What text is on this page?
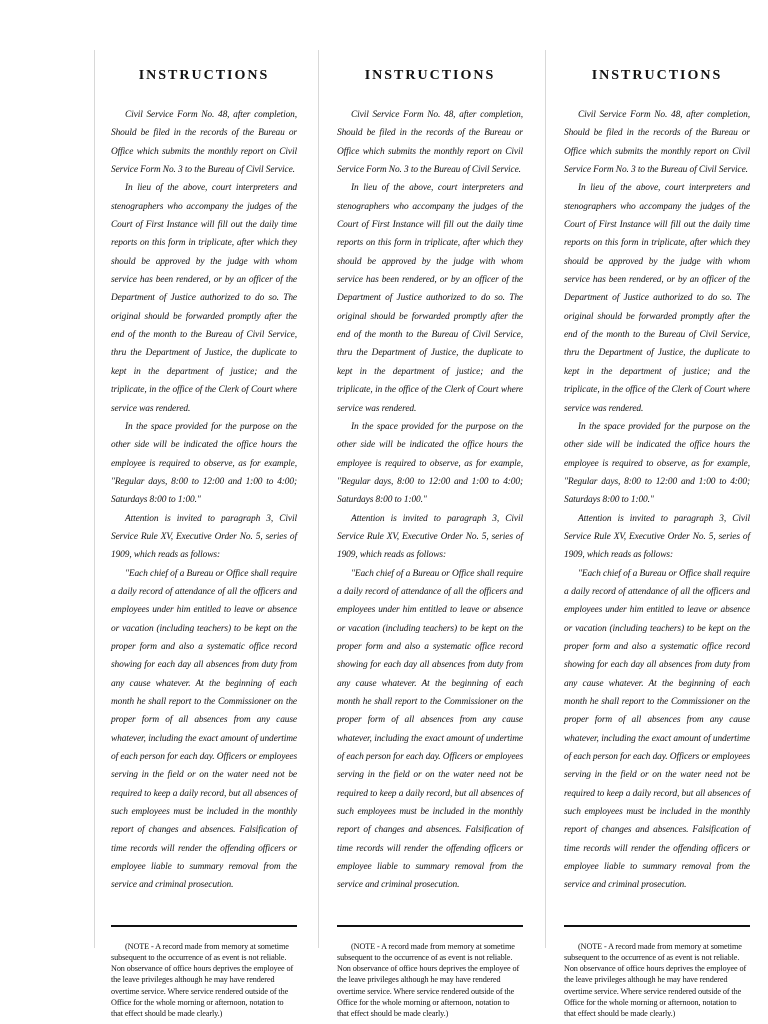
INSTRUCTIONS

Civil Service Form No. 48, after completion, Should be filed in the records of the Bureau or Office which submits the monthly report on Civil Service Form No. 3 to the Bureau of Civil Service.

In lieu of the above, court interpreters and stenographers who accompany the judges of the Court of First Instance will fill out the daily time reports on this form in triplicate, after which they should be approved by the judge with whom service has been rendered, or by an officer of the Department of Justice authorized to do so. The original should be forwarded promptly after the end of the month to the Bureau of Civil Service, thru the Department of Justice, the duplicate to kept in the department of justice; and the triplicate, in the office of the Clerk of Court where service was rendered.

In the space provided for the purpose on the other side will be indicated the office hours the employee is required to observe, as for example, "Regular days, 8:00 to 12:00 and 1:00 to 4:00; Saturdays 8:00 to 1:00."

Attention is invited to paragraph 3, Civil Service Rule XV, Executive Order No. 5, series of 1909, which reads as follows:

"Each chief of a Bureau or Office shall require a daily record of attendance of all the officers and employees under him entitled to leave or absence or vacation (including teachers) to be kept on the proper form and also a systematic office record showing for each day all absences from duty from any cause whatever. At the beginning of each month he shall report to the Commissioner on the proper form of all absences from any cause whatever, including the exact amount of undertime of each person for each day. Officers or employees serving in the field or on the water need not be required to keep a daily record, but all absences of such employees must be included in the monthly report of changes and absences. Falsification of time records will render the offending officers or employee liable to summary removal from the service and criminal prosecution.

(NOTE - A record made from memory at sometime subsequent to the occurrence of as event is not reliable. Non observance of office hours deprives the employee of the leave privileges although he may have rendered overtime service. Where service rendered outside of the Office for the whole morning or afternoon, notation to that effect should be made clearly.)
INSTRUCTIONS

Civil Service Form No. 48, after completion, Should be filed in the records of the Bureau or Office which submits the monthly report on Civil Service Form No. 3 to the Bureau of Civil Service.

In lieu of the above, court interpreters and stenographers who accompany the judges of the Court of First Instance will fill out the daily time reports on this form in triplicate, after which they should be approved by the judge with whom service has been rendered, or by an officer of the Department of Justice authorized to do so. The original should be forwarded promptly after the end of the month to the Bureau of Civil Service, thru the Department of Justice, the duplicate to kept in the department of justice; and the triplicate, in the office of the Clerk of Court where service was rendered.

In the space provided for the purpose on the other side will be indicated the office hours the employee is required to observe, as for example, "Regular days, 8:00 to 12:00 and 1:00 to 4:00; Saturdays 8:00 to 1:00."

Attention is invited to paragraph 3, Civil Service Rule XV, Executive Order No. 5, series of 1909, which reads as follows:

"Each chief of a Bureau or Office shall require a daily record of attendance of all the officers and employees under him entitled to leave or absence or vacation (including teachers) to be kept on the proper form and also a systematic office record showing for each day all absences from duty from any cause whatever. At the beginning of each month he shall report to the Commissioner on the proper form of all absences from any cause whatever, including the exact amount of undertime of each person for each day. Officers or employees serving in the field or on the water need not be required to keep a daily record, but all absences of such employees must be included in the monthly report of changes and absences. Falsification of time records will render the offending officers or employee liable to summary removal from the service and criminal prosecution.

(NOTE - A record made from memory at sometime subsequent to the occurrence of as event is not reliable. Non observance of office hours deprives the employee of the leave privileges although he may have rendered overtime service. Where service rendered outside of the Office for the whole morning or afternoon, notation to that effect should be made clearly.)
INSTRUCTIONS

Civil Service Form No. 48, after completion, Should be filed in the records of the Bureau or Office which submits the monthly report on Civil Service Form No. 3 to the Bureau of Civil Service.

In lieu of the above, court interpreters and stenographers who accompany the judges of the Court of First Instance will fill out the daily time reports on this form in triplicate, after which they should be approved by the judge with whom service has been rendered, or by an officer of the Department of Justice authorized to do so. The original should be forwarded promptly after the end of the month to the Bureau of Civil Service, thru the Department of Justice, the duplicate to kept in the department of justice; and the triplicate, in the office of the Clerk of Court where service was rendered.

In the space provided for the purpose on the other side will be indicated the office hours the employee is required to observe, as for example, "Regular days, 8:00 to 12:00 and 1:00 to 4:00; Saturdays 8:00 to 1:00."

Attention is invited to paragraph 3, Civil Service Rule XV, Executive Order No. 5, series of 1909, which reads as follows:

"Each chief of a Bureau or Office shall require a daily record of attendance of all the officers and employees under him entitled to leave or absence or vacation (including teachers) to be kept on the proper form and also a systematic office record showing for each day all absences from duty from any cause whatever. At the beginning of each month he shall report to the Commissioner on the proper form of all absences from any cause whatever, including the exact amount of undertime of each person for each day. Officers or employees serving in the field or on the water need not be required to keep a daily record, but all absences of such employees must be included in the monthly report of changes and absences. Falsification of time records will render the offending officers or employee liable to summary removal from the service and criminal prosecution.

(NOTE - A record made from memory at sometime subsequent to the occurrence of as event is not reliable. Non observance of office hours deprives the employee of the leave privileges although he may have rendered overtime service. Where service rendered outside of the Office for the whole morning or afternoon, notation to that effect should be made clearly.)
